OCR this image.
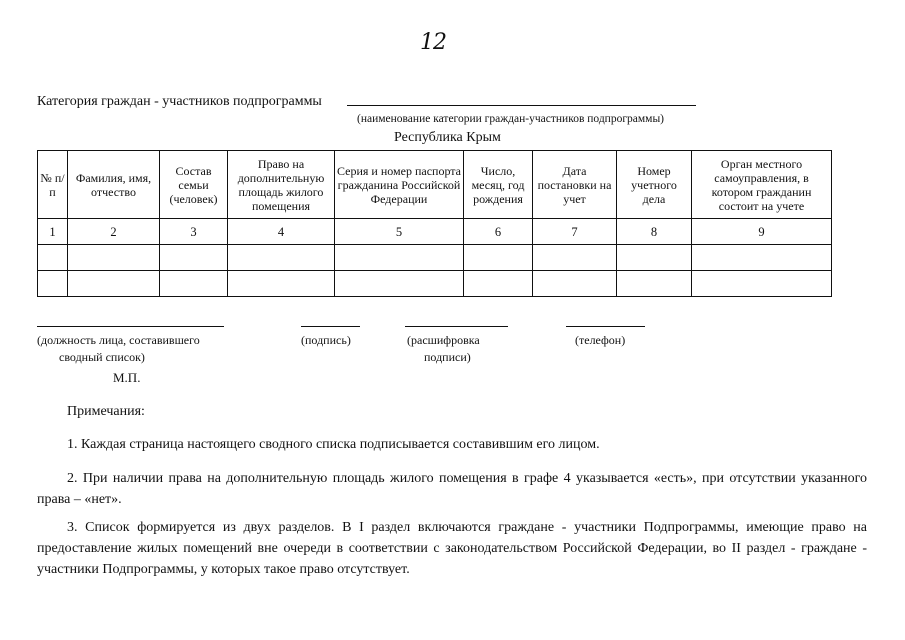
12
Категория граждан - участников подпрограммы
(наименование категории граждан-участников подпрограммы)
Республика Крым
№ п/п	Фамилия, имя, отчество	Состав семьи (человек)	Право на дополнительную площадь жилого помещения	Серия и номер паспорта гражданина Российской Федерации	Число, месяц, год рождения	Дата постановки на учет	Номер учетного дела	Орган местного самоуправления, в котором гражданин состоит на учете
1	2	3	4	5	6	7	8	9

(должность лица, составившего
сводный список)
(подпись)	(расшифровка
подписи)
(телефон)
М.П.
Примечания:
1. Каждая страница настоящего сводного списка подписывается составившим его лицом.
2. При наличии права на дополнительную площадь жилого помещения в графе 4 указывается «есть», при отсутствии указанного права – «нет».
3. Список формируется из двух разделов. В I раздел включаются граждане - участники Подпрограммы, имеющие право на предоставление жилых помещений вне очереди в соответствии с законодательством Российской Федерации, во II раздел - граждане - участники Подпрограммы, у которых такое право отсутствует.
